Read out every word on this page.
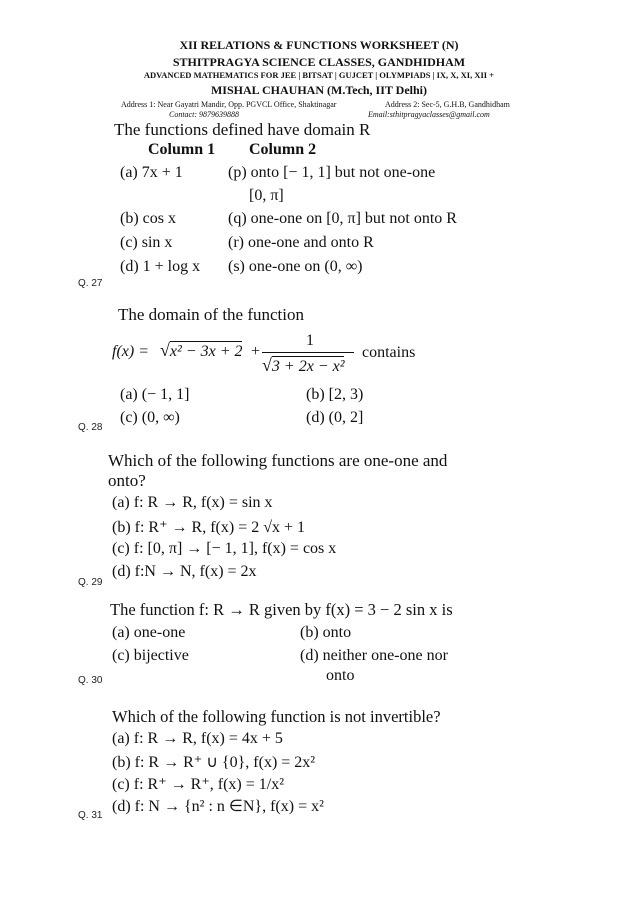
XII RELATIONS & FUNCTIONS WORKSHEET (N)
STHITPRAGYA SCIENCE CLASSES, GANDHIDHAM
ADVANCED MATHEMATICS FOR JEE | BITSAT | GUJCET | OLYMPIADS | IX, X, XI, XII +
MISHAL CHAUHAN (M.Tech, IIT Delhi)
Address 1: Near Gayatri Mandir, Opp. PGVCL Office, Shaktinagar	Address 2: Sec-5, G.H.B, Gandhidham
Contact: 9879639888	Email:sthitpragyaclasses@gmail.com
The functions defined have domain R
Column 1 Column 2
(a) 7x + 1	(p) onto [− 1, 1] but not one-one
[0, π]
(b) cos x	(q) one-one on [0, π] but not onto R
(c) sin x	(r) one-one and onto R
(d) 1 + log x (s) one-one on (0, ∞)
Q. 27
The domain of the function
f(x) = √x² − 3x + 2 +
1
√3 + 2x − x²
contains
(a) (− 1, 1]	(b) [2, 3)
(c) (0, ∞)	(d) (0, 2]
Q. 28
Which of the following functions are one-one and
onto?
(a) f: R → R, f(x) = sin x
(b) f: R⁺ → R, f(x) = 2 √x + 1
(c) f: [0, π] → [− 1, 1], f(x) = cos x
(d) f:N → N, f(x) = 2x
Q. 29
The function f: R → R given by f(x) = 3 − 2 sin x is
(a) one-one	(b) onto
(c) bijective	(d) neither one-one nor
onto
Q. 30
Which of the following function is not invertible?
(a) f: R → R, f(x) = 4x + 5
(b) f: R → R⁺ ∪ {0}, f(x) = 2x²
(c) f: R⁺ → R⁺, f(x) = 1/x²
(d) f: N → {n² : n ∈N}, f(x) = x²
Q. 31
